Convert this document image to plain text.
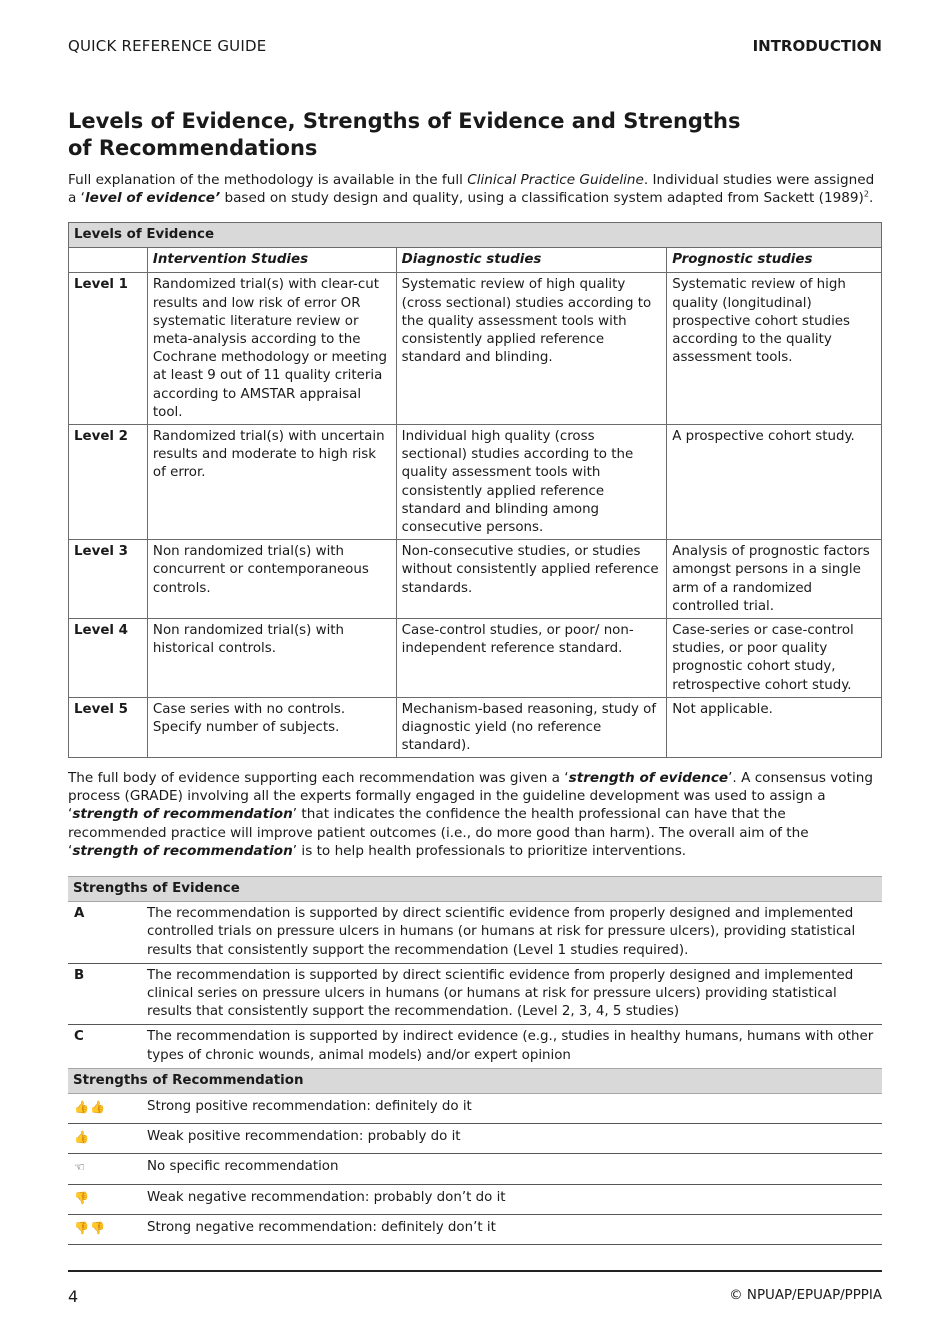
QUICK REFERENCE GUIDE	INTRODUCTION
Levels of Evidence, Strengths of Evidence and Strengths of Recommendations

Full explanation of the methodology is available in the full Clinical Practice Guideline. Individual studies were assigned a ‘level of evidence’ based on study design and quality, using a classification system adapted from Sackett $(1989)^2$.

Levels of Evidence			
	Intervention Studies	Diagnostic studies	Prognostic studies
Level 1	Randomized trial(s) with clear-cut results and low risk of error OR systematic literature review or meta-analysis according to the Cochrane methodology or meeting at least 9 out of 11 quality criteria according to AMSTAR appraisal tool.	Systematic review of high quality (cross sectional) studies according to the quality assessment tools with consistently applied reference standard and blinding.	Systematic review of high quality (longitudinal) prospective cohort studies according to the quality assessment tools.
Level 2	Randomized trial(s) with uncertain results and moderate to high risk of error.	Individual high quality (cross sectional) studies according to the quality assessment tools with consistently applied reference standard and blinding among consecutive persons.	A prospective cohort study.
Level 3	Non randomized trial(s) with concurrent or contemporaneous controls.	Non-consecutive studies, or studies without consistently applied reference standards.	Analysis of prognostic factors amongst persons in a single arm of a randomized controlled trial.
Level 4	Non randomized trial(s) with historical controls.	Case-control studies, or poor/ non-independent reference standard.	Case-series or case-control studies, or poor quality prognostic cohort study, retrospective cohort study.
Level 5	Case series with no controls. Specify number of subjects.	Mechanism-based reasoning, study of diagnostic yield (no reference standard).	Not applicable.

The full body of evidence supporting each recommendation was given a ‘strength of evidence’. A consensus voting process (GRADE) involving all the experts formally engaged in the guideline development was used to assign a ‘strength of recommendation’ that indicates the confidence the health professional can have that the recommended practice will improve patient outcomes (i.e., do more good than harm). The overall aim of the ‘strength of recommendation’ is to help health professionals to prioritize interventions.

Strengths of Evidence	
A	The recommendation is supported by direct scientific evidence from properly designed and implemented controlled trials on pressure ulcers in humans (or humans at risk for pressure ulcers), providing statistical results that consistently support the recommendation (Level 1 studies required).
B	The recommendation is supported by direct scientific evidence from properly designed and implemented clinical series on pressure ulcers in humans (or humans at risk for pressure ulcers) providing statistical results that consistently support the recommendation. (Level 2, 3, 4, 5 studies)
C	The recommendation is supported by indirect evidence (e.g., studies in healthy humans, humans with other types of chronic wounds, animal models) and/or expert opinion
Strengths of Recommendation	
👍👍	Strong positive recommendation: definitely do it
👍	Weak positive recommendation: probably do it
☜	No specific recommendation
👎	Weak negative recommendation: probably don’t do it
👎👎	Strong negative recommendation: definitely don’t it
4	© NPUAP/EPUAP/PPPIA
